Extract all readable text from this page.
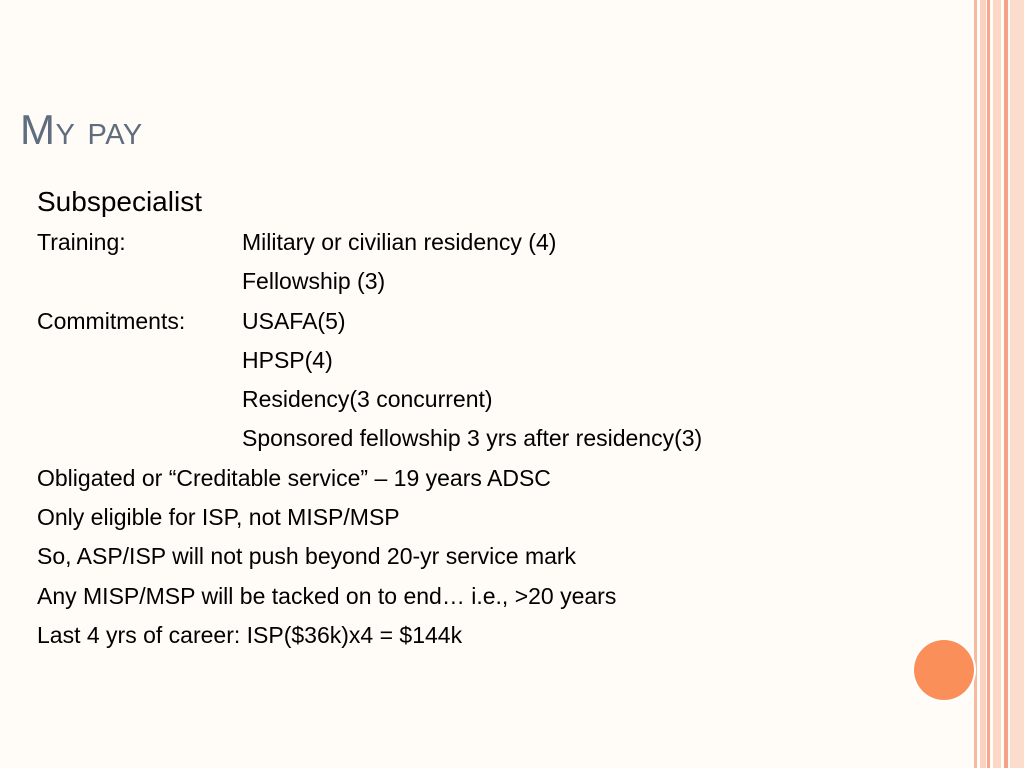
My pay
Subspecialist
Training:	Military or civilian residency (4)
Fellowship (3)
Commitments:	USAFA(5)
HPSP(4)
Residency(3 concurrent)
Sponsored fellowship 3 yrs after residency(3)
Obligated or “Creditable service” – 19 years ADSC
Only eligible for ISP, not MISP/MSP
So, ASP/ISP will not push beyond 20-yr service mark
Any MISP/MSP will be tacked on to end… i.e., >20 years
Last 4 yrs of career: ISP($36k)x4 = $144k
